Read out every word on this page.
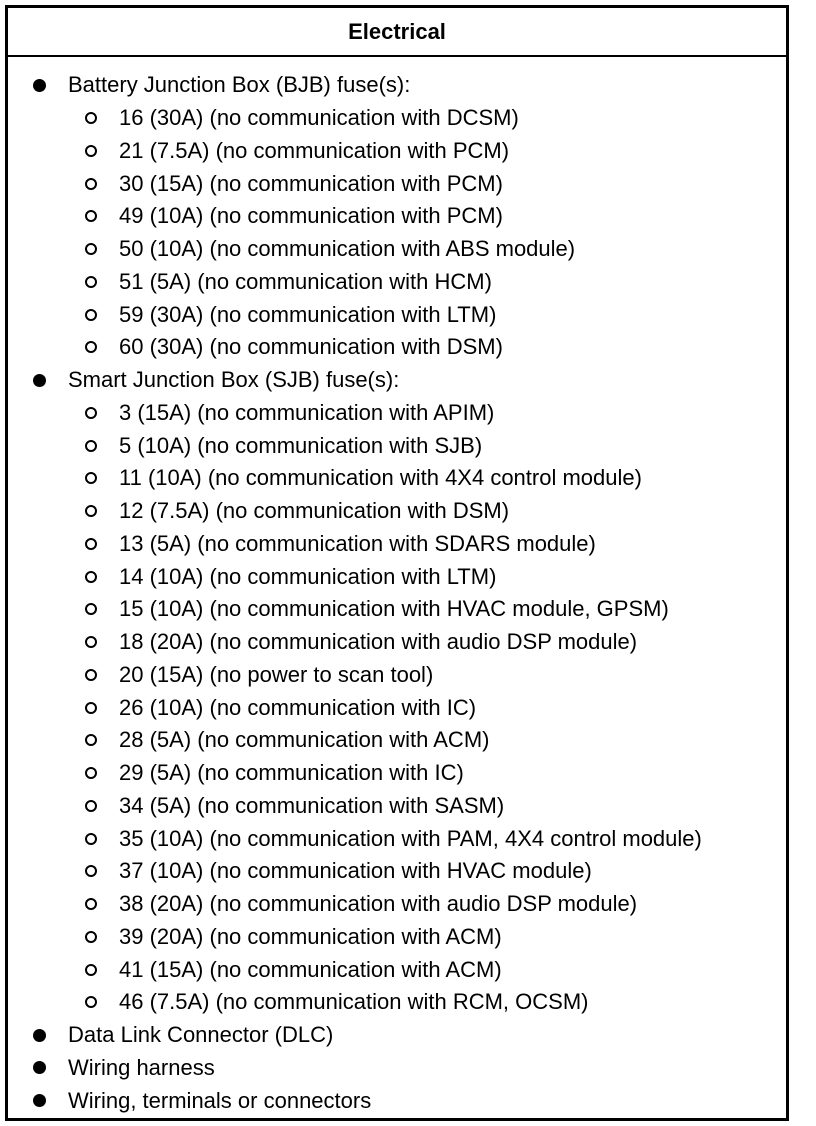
Electrical
Battery Junction Box (BJB) fuse(s):
16 (30A) (no communication with DCSM)
21 (7.5A) (no communication with PCM)
30 (15A) (no communication with PCM)
49 (10A) (no communication with PCM)
50 (10A) (no communication with ABS module)
51 (5A) (no communication with HCM)
59 (30A) (no communication with LTM)
60 (30A) (no communication with DSM)
Smart Junction Box (SJB) fuse(s):
3 (15A) (no communication with APIM)
5 (10A) (no communication with SJB)
11 (10A) (no communication with 4X4 control module)
12 (7.5A) (no communication with DSM)
13 (5A) (no communication with SDARS module)
14 (10A) (no communication with LTM)
15 (10A) (no communication with HVAC module, GPSM)
18 (20A) (no communication with audio DSP module)
20 (15A) (no power to scan tool)
26 (10A) (no communication with IC)
28 (5A) (no communication with ACM)
29 (5A) (no communication with IC)
34 (5A) (no communication with SASM)
35 (10A) (no communication with PAM, 4X4 control module)
37 (10A) (no communication with HVAC module)
38 (20A) (no communication with audio DSP module)
39 (20A) (no communication with ACM)
41 (15A) (no communication with ACM)
46 (7.5A) (no communication with RCM, OCSM)
Data Link Connector (DLC)
Wiring harness
Wiring, terminals or connectors
